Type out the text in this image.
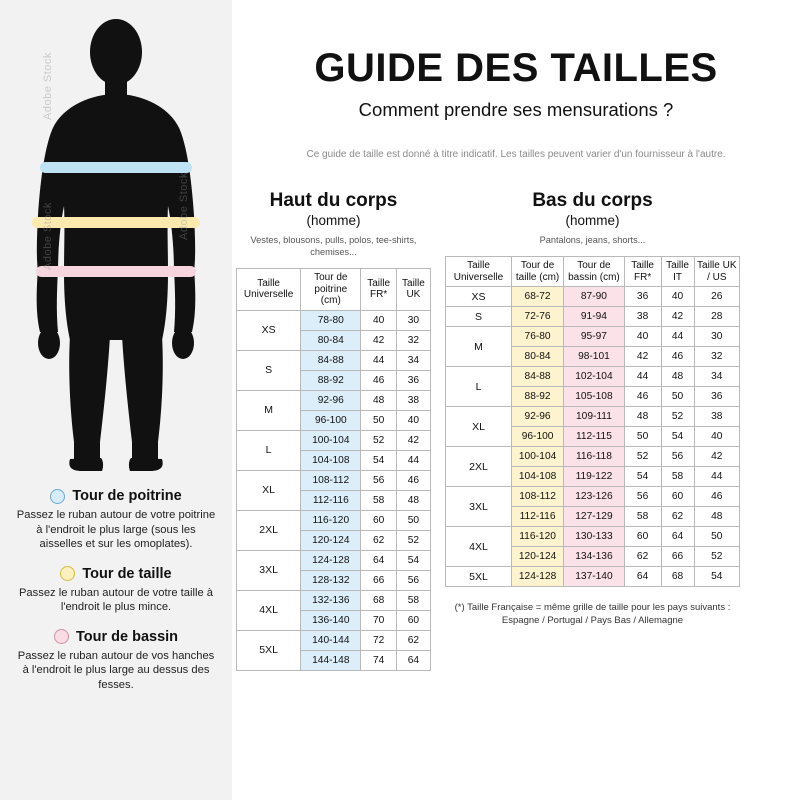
Adobe Stock
Adobe Stock	Adobe Stock
Tour de poitrine
Passez le ruban autour de votre poitrine à l'endroit le plus large (sous les aisselles et sur les omoplates).
Tour de taille
Passez le ruban autour de votre taille à l'endroit le plus mince.
Tour de bassin
Passez le ruban autour de vos hanches à l'endroit le plus large au dessus des fesses.
GUIDE DES TAILLES
Comment prendre ses mensurations ?
Ce guide de taille est donné à titre indicatif. Les tailles peuvent varier d'un fournisseur à l'autre.
Haut du corps
(homme)
Vestes, blousons, pulls, polos, tee-shirts, chemises...
Taille Universelle	Tour de poitrine (cm)	Taille FR*	Taille UK
XS	78-80	40	30
	80-84	42	32
S	84-88	44	34
	88-92	46	36
M	92-96	48	38
	96-100	50	40
L	100-104	52	42
	104-108	54	44
XL	108-112	56	46
	112-116	58	48
2XL	116-120	60	50
	120-124	62	52
3XL	124-128	64	54
	128-132	66	56
4XL	132-136	68	58
	136-140	70	60
5XL	140-144	72	62
	144-148	74	64
Bas du corps
(homme)
Pantalons, jeans, shorts...
Taille Universelle	Tour de taille (cm)	Tour de bassin (cm)	Taille FR*	Taille IT	Taille UK / US
XS	68-72	87-90	36	40	26
S	72-76	91-94	38	42	28
M	76-80	95-97	40	44	30
	80-84	98-101	42	46	32
L	84-88	102-104	44	48	34
	88-92	105-108	46	50	36
XL	92-96	109-111	48	52	38
	96-100	112-115	50	54	40
2XL	100-104	116-118	52	56	42
	104-108	119-122	54	58	44
3XL	108-112	123-126	56	60	46
	112-116	127-129	58	62	48
4XL	116-120	130-133	60	64	50
	120-124	134-136	62	66	52
5XL	124-128	137-140	64	68	54
(*) Taille Française = même grille de taille pour les pays suivants : Espagne / Portugal / Pays Bas / Allemagne
